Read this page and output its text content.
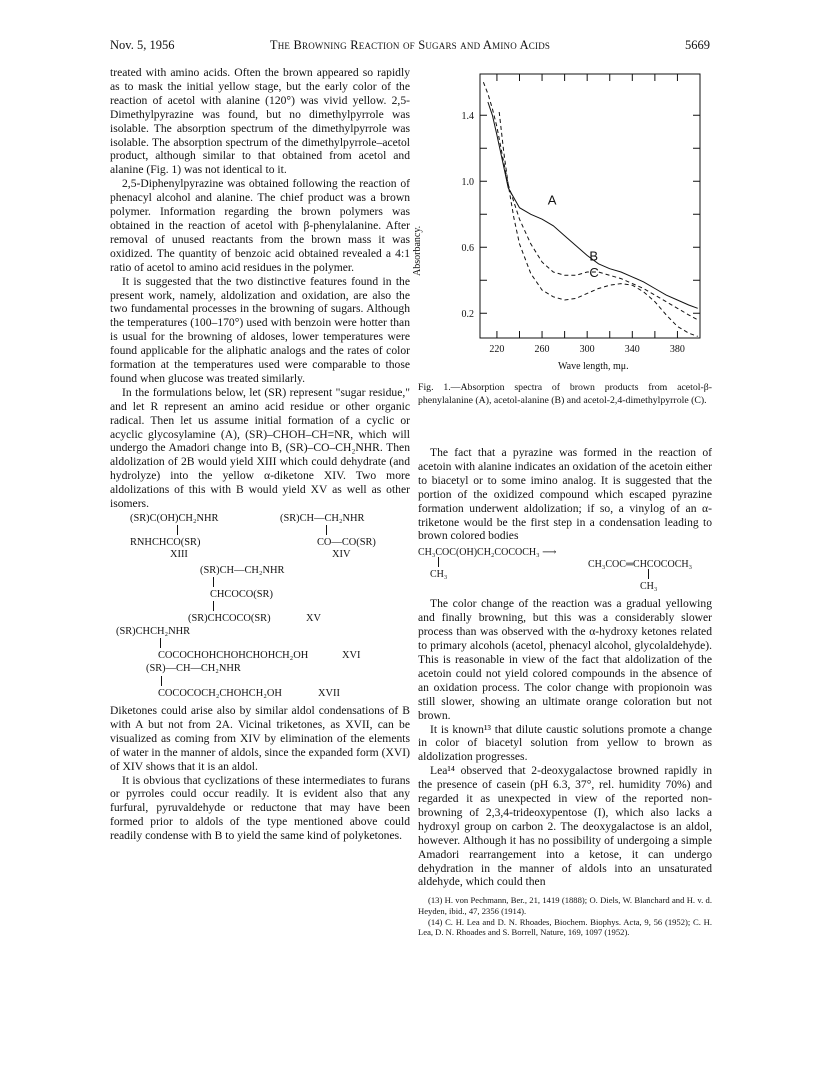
Nov. 5, 1956	The Browning Reaction of Sugars and Amino Acids	5669

treated with amino acids. Often the brown appeared so rapidly as to mask the initial yellow stage, but the early color of the reaction of acetol with alanine (120°) was vivid yellow. 2,5-Dimethylpyrazine was found, but no dimethylpyrrole was isolable. The absorption spectrum of the dimethylpyrrole was isolable. The absorption spectrum of the dimethylpyrrole–acetol product, although similar to that obtained from acetol and alanine (Fig. 1) was not identical to it.

2,5-Diphenylpyrazine was obtained following the reaction of phenacyl alcohol and alanine. The chief product was a brown polymer. Information regarding the brown polymers was obtained in the reaction of acetol with β-phenylalanine. After removal of unused reactants from the brown mass it was oxidized. The quantity of benzoic acid obtained revealed a 4:1 ratio of acetol to amino acid residues in the polymer.

It is suggested that the two distinctive features found in the present work, namely, aldolization and oxidation, are also the two fundamental processes in the browning of sugars. Although the temperatures (100–170°) used with benzoin were hotter than is usual for the browning of aldoses, lower temperatures were found applicable for the aliphatic analogs and the rates of color formation at the temperatures used were comparable to those found when glucose was treated similarly.

In the formulations below, let (SR) represent "sugar residue," and let R represent an amino acid residue or other organic radical. Then let us assume initial formation of a cyclic or acyclic glycosylamine (A), (SR)–CHOH–CH=NR, which will undergo the Amadori change into B, (SR)–CO–CH₂NHR. Then aldolization of 2B would yield XIII which could dehydrate (and hydrolyze) into the yellow α-diketone XIV. Two more aldolizations of this with B would yield XV as well as other isomers.

(SR)C(OH)CH₂NHR	(SR)CH—CH₂NHR
RNHCHCO(SR)	CO—CO(SR)
XIII	XIV
(SR)CH—CH₂NHR
CHCOCO(SR)
(SR)CHCOCO(SR)	XV
(SR)CHCH₂NHR
COCOCHOHCHOHCHOHCH₂OH	XVI
(SR)—CH—CH₂NHR
COCOCOCH₂CHOHCH₂OH	XVII

Diketones could arise also by similar aldol condensations of B with A but not from 2A. Vicinal triketones, as XVII, can be visualized as coming from XIV by elimination of the elements of water in the manner of aldols, since the expanded form (XVI) of XIV shows that it is an aldol.

It is obvious that cyclizations of these intermediates to furans or pyrroles could occur readily. It is evident also that any furfural, pyruvaldehyde or reductone that may have been formed prior to aldols of the type mentioned above could readily condense with B to yield the same kind of polyketones.

1.4
1.0
0.6
0.2
220	260	300	340	380
A
B
C
Absorbancy.
Wave length, mμ.
Fig. 1.—Absorption spectra of brown products from acetol-β-phenylalanine (A), acetol-alanine (B) and acetol-2,4-dimethylpyrrole (C).

The fact that a pyrazine was formed in the reaction of acetoin with alanine indicates an oxidation of the acetoin either to biacetyl or to some imino analog. It is suggested that the portion of the oxidized compound which escaped pyrazine formation underwent aldolization; if so, a vinylog of an α-triketone would be the first step in a condensation leading to brown colored bodies

CH₃COC(OH)CH₂COCOCH₃ ⟶
CH₃
CH₃COC═CHCOCOCH₃
CH₃

The color change of the reaction was a gradual yellowing and finally browning, but this was a considerably slower process than was observed with the α-hydroxy ketones related to primary alcohols (acetol, phenacyl alcohol, glycolaldehyde). This is reasonable in view of the fact that aldolization of the acetoin could not yield colored compounds in the absence of an oxidation process. The color change with propionoin was still slower, showing an ultimate orange coloration but not brown.

It is known¹³ that dilute caustic solutions promote a change in color of biacetyl solution from yellow to brown as aldolization progresses.

Lea¹⁴ observed that 2-deoxygalactose browned rapidly in the presence of casein (pH 6.3, 37°, rel. humidity 70%) and regarded it as unexpected in view of the reported non-browning of 2,3,4-trideoxypentose (I), which also lacks a hydroxyl group on carbon 2. The deoxygalactose is an aldol, however. Although it has no possibility of undergoing a simple Amadori rearrangement into a ketose, it can undergo dehydration in the manner of aldols into an unsaturated aldehyde, which could then

(13) H. von Pechmann, Ber., 21, 1419 (1888); O. Diels, W. Blanchard and H. v. d. Heyden, ibid., 47, 2356 (1914).

(14) C. H. Lea and D. N. Rhoades, Biochem. Biophys. Acta, 9, 56 (1952); C. H. Lea, D. N. Rhoades and S. Borrell, Nature, 169, 1097 (1952).
